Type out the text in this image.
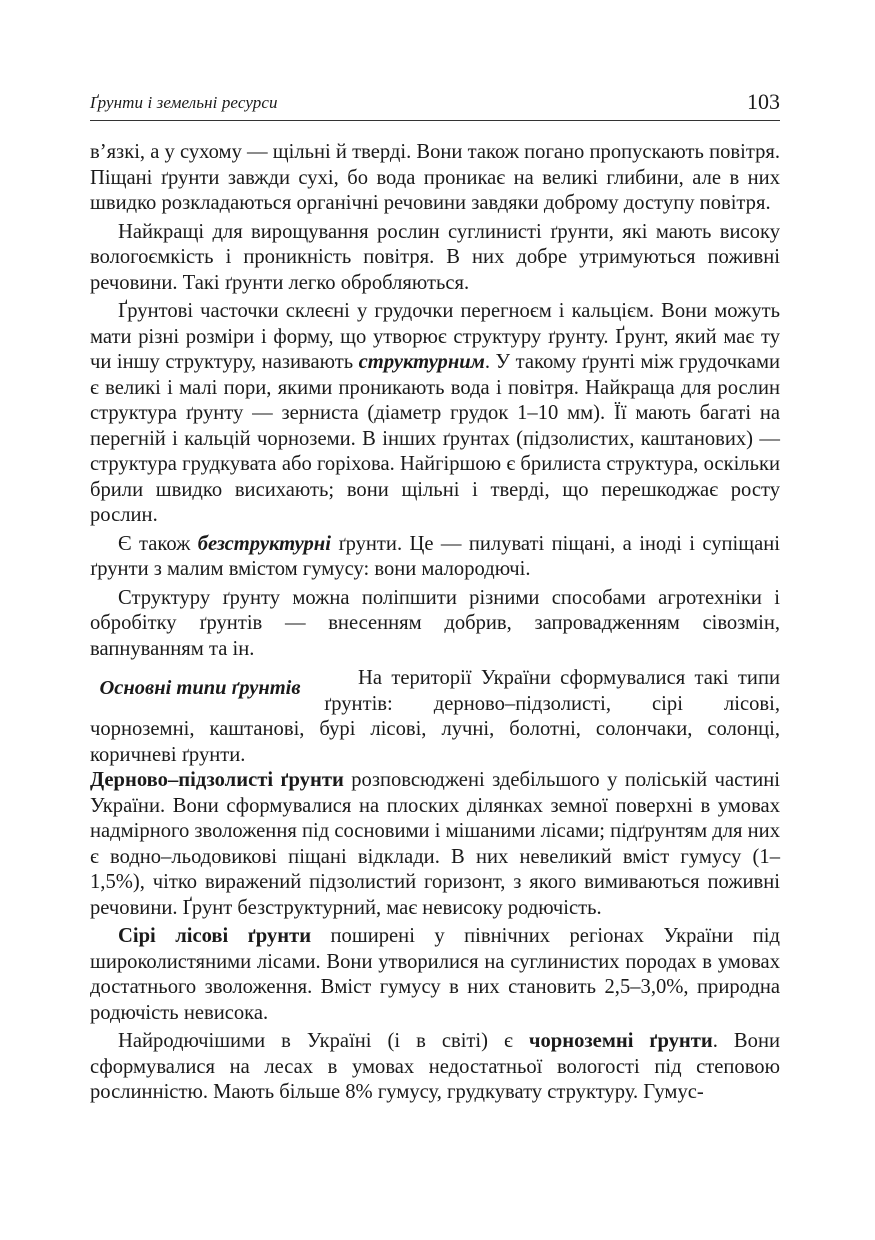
Ґрунти і земельні ресурси	103

в’язкі, а у сухому — щільні й тверді. Вони також погано пропускають повітря. Піщані ґрунти завжди сухі, бо вода проникає на великі глибини, але в них швидко розкладаються органічні речовини завдяки доброму доступу повітря.

Найкращі для вирощування рослин суглинисті ґрунти, які мають високу вологоємкість і проникність повітря. В них добре утримуються поживні речовини. Такі ґрунти легко обробляються.

Ґрунтові часточки склеєні у грудочки перегноєм і кальцієм. Вони можуть мати різні розміри і форму, що утворює структуру ґрунту. Ґрунт, який має ту чи іншу структуру, називають структурним. У такому ґрунті між грудочками є великі і малі пори, якими проникають вода і повітря. Найкраща для рослин структура ґрунту — зерниста (діаметр грудок 1–10 мм). Її мають багаті на перегній і кальцій чорноземи. В інших ґрунтах (підзолистих, каштанових) — структура грудкувата або горіхова. Найгіршою є брилиста структура, оскільки брили швидко висихають; вони щільні і тверді, що перешкоджає росту рослин.

Є також безструктурні ґрунти. Це — пилуваті піщані, а іноді і супіщані ґрунти з малим вмістом гумусу: вони малородючі.

Структуру ґрунту можна поліпшити різними способами агротехніки і обробітку ґрунтів — внесенням добрив, запровадженням сівозмін, вапнуванням та ін.

Основні типи ґрунтів	На території України сформувалися такі типи ґрунтів: дерново–підзолисті, сірі лісові, чорноземні, каштанові, бурі лісові, лучні, болотні, солончаки, солонці, коричневі ґрунти.

Дерново–підзолисті ґрунти розповсюджені здебільшого у поліській частині України. Вони сформувалися на плоских ділянках земної поверхні в умовах надмірного зволоження під сосновими і мішаними лісами; підґрунтям для них є водно–льодовикові піщані відклади. В них невеликий вміст гумусу (1–1,5%), чітко виражений підзолистий горизонт, з якого вимиваються поживні речовини. Ґрунт безструктурний, має невисоку родючість.

Сірі лісові ґрунти поширені у північних регіонах України під широколистяними лісами. Вони утворилися на суглинистих породах в умовах достатнього зволоження. Вміст гумусу в них становить 2,5–3,0%, природна родючість невисока.

Найродючішими в Україні (і в світі) є чорноземні ґрунти. Вони сформувалися на лесах в умовах недостатньої вологості під степовою рослинністю. Мають більше 8% гумусу, грудкувату структуру. Гумус-
